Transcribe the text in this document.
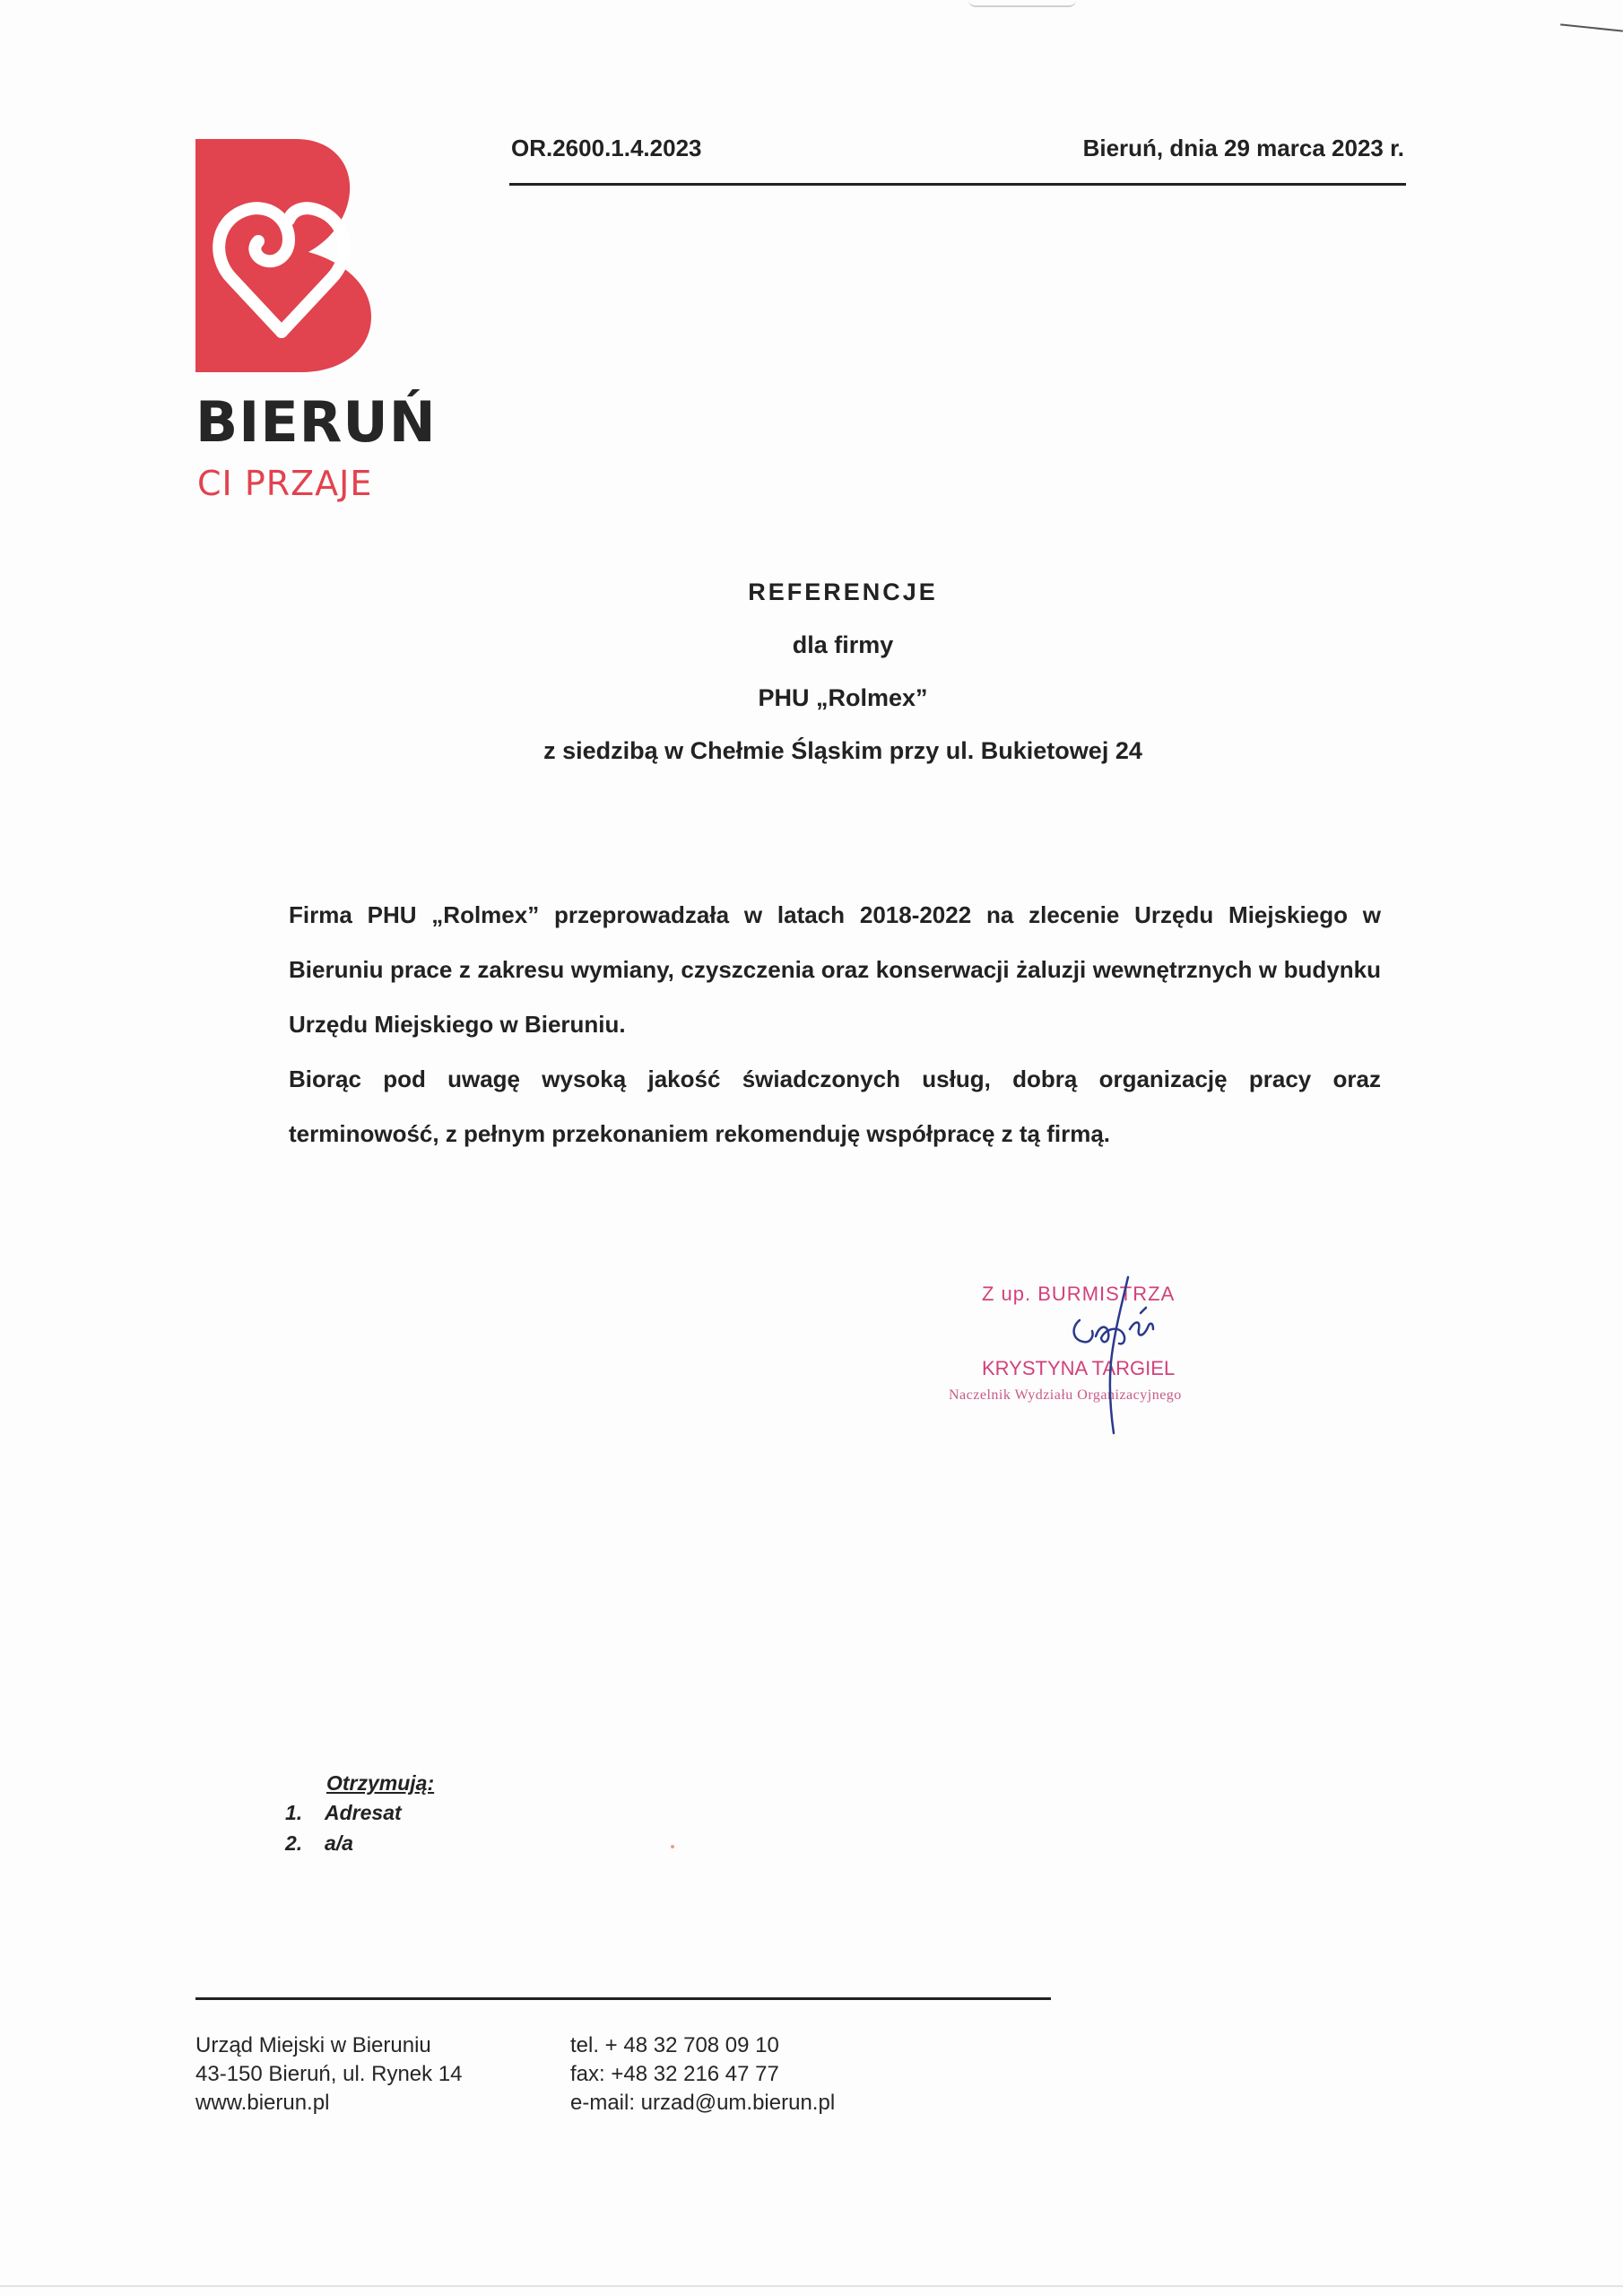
BIERUŃ
CI PRZAJE
OR.2600.1.4.2023	Bieruń, dnia 29 marca 2023 r.
REFERENCJE
dla firmy
PHU „Rolmex”
z siedzibą w Chełmie Śląskim przy ul. Bukietowej 24

Firma PHU „Rolmex” przeprowadzała w latach 2018-2022 na zlecenie Urzędu Miejskiego w Bieruniu prace z zakresu wymiany, czyszczenia oraz konserwacji żaluzji wewnętrznych w budynku Urzędu Miejskiego w Bieruniu.

Biorąc pod uwagę wysoką jakość świadczonych usług, dobrą organizację pracy oraz terminowość, z pełnym przekonaniem rekomenduję współpracę z tą firmą.

Z up. BURMISTRZA
KRYSTYNA TARGIEL
Naczelnik Wydziału Organizacyjnego
Otrzymują:
1. Adresat
2. a/a
Urząd Miejski w Bieruniu
43-150 Bieruń, ul. Rynek 14
www.bierun.pl
tel. + 48 32 708 09 10
fax: +48 32 216 47 77
e-mail: urzad@um.bierun.pl
